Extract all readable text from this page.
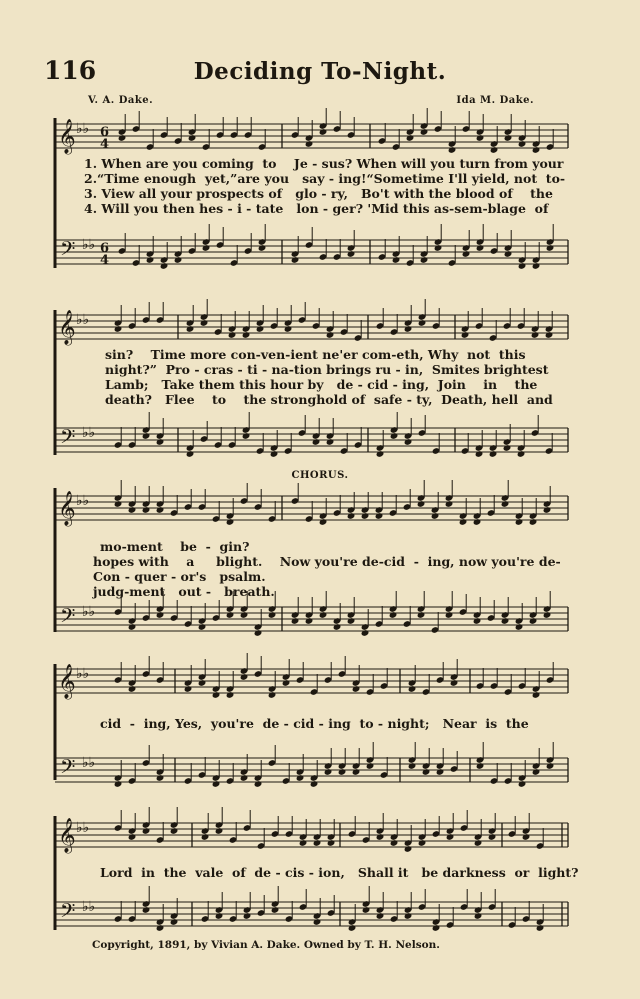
116	Deciding To-Night.
V. A. Dake.	Ida M. Dake.
𝄞 ♭♭
𝄢 ♭♭
6
4
6
4
𝄞 ♭♭
𝄢 ♭♭
𝄞 ♭♭
𝄢 ♭♭
𝄞 ♭♭
𝄢 ♭♭
𝄞 ♭♭
𝄢 ♭♭
CHORUS.
1. When are you coming  to    Je - sus? When will you turn from your
2.“Time enough  yet,”are you   say - ing!“Sometime I'll yield, not  to-
3. View all your prospects of   glo - ry,   Bo't with the blood of    the
4. Will you then hes - i - tate   lon - ger? 'Mid this as-sem-blage  of
sin?    Time more con-ven-ient ne'er com-eth, Why  not  this
night?”  Pro - cras - ti - na-tion brings ru - in,  Smites brightest
Lamb;   Take them this hour by   de - cid - ing,  Join    in    the
death?   Flee    to    the stronghold of  safe - ty,  Death, hell  and
mo-ment    be  -  gin?
hopes with    a     blight.    Now you're de-cid  -  ing, now you're de-
Con - quer - or's   psalm.
judg-ment   out -   breath.
cid  -  ing, Yes,  you're  de - cid - ing  to - night;   Near  is  the
Lord  in  the  vale  of  de - cis - ion,   Shall it   be darkness  or  light?
Copyright, 1891, by Vivian A. Dake. Owned by T. H. Nelson.
